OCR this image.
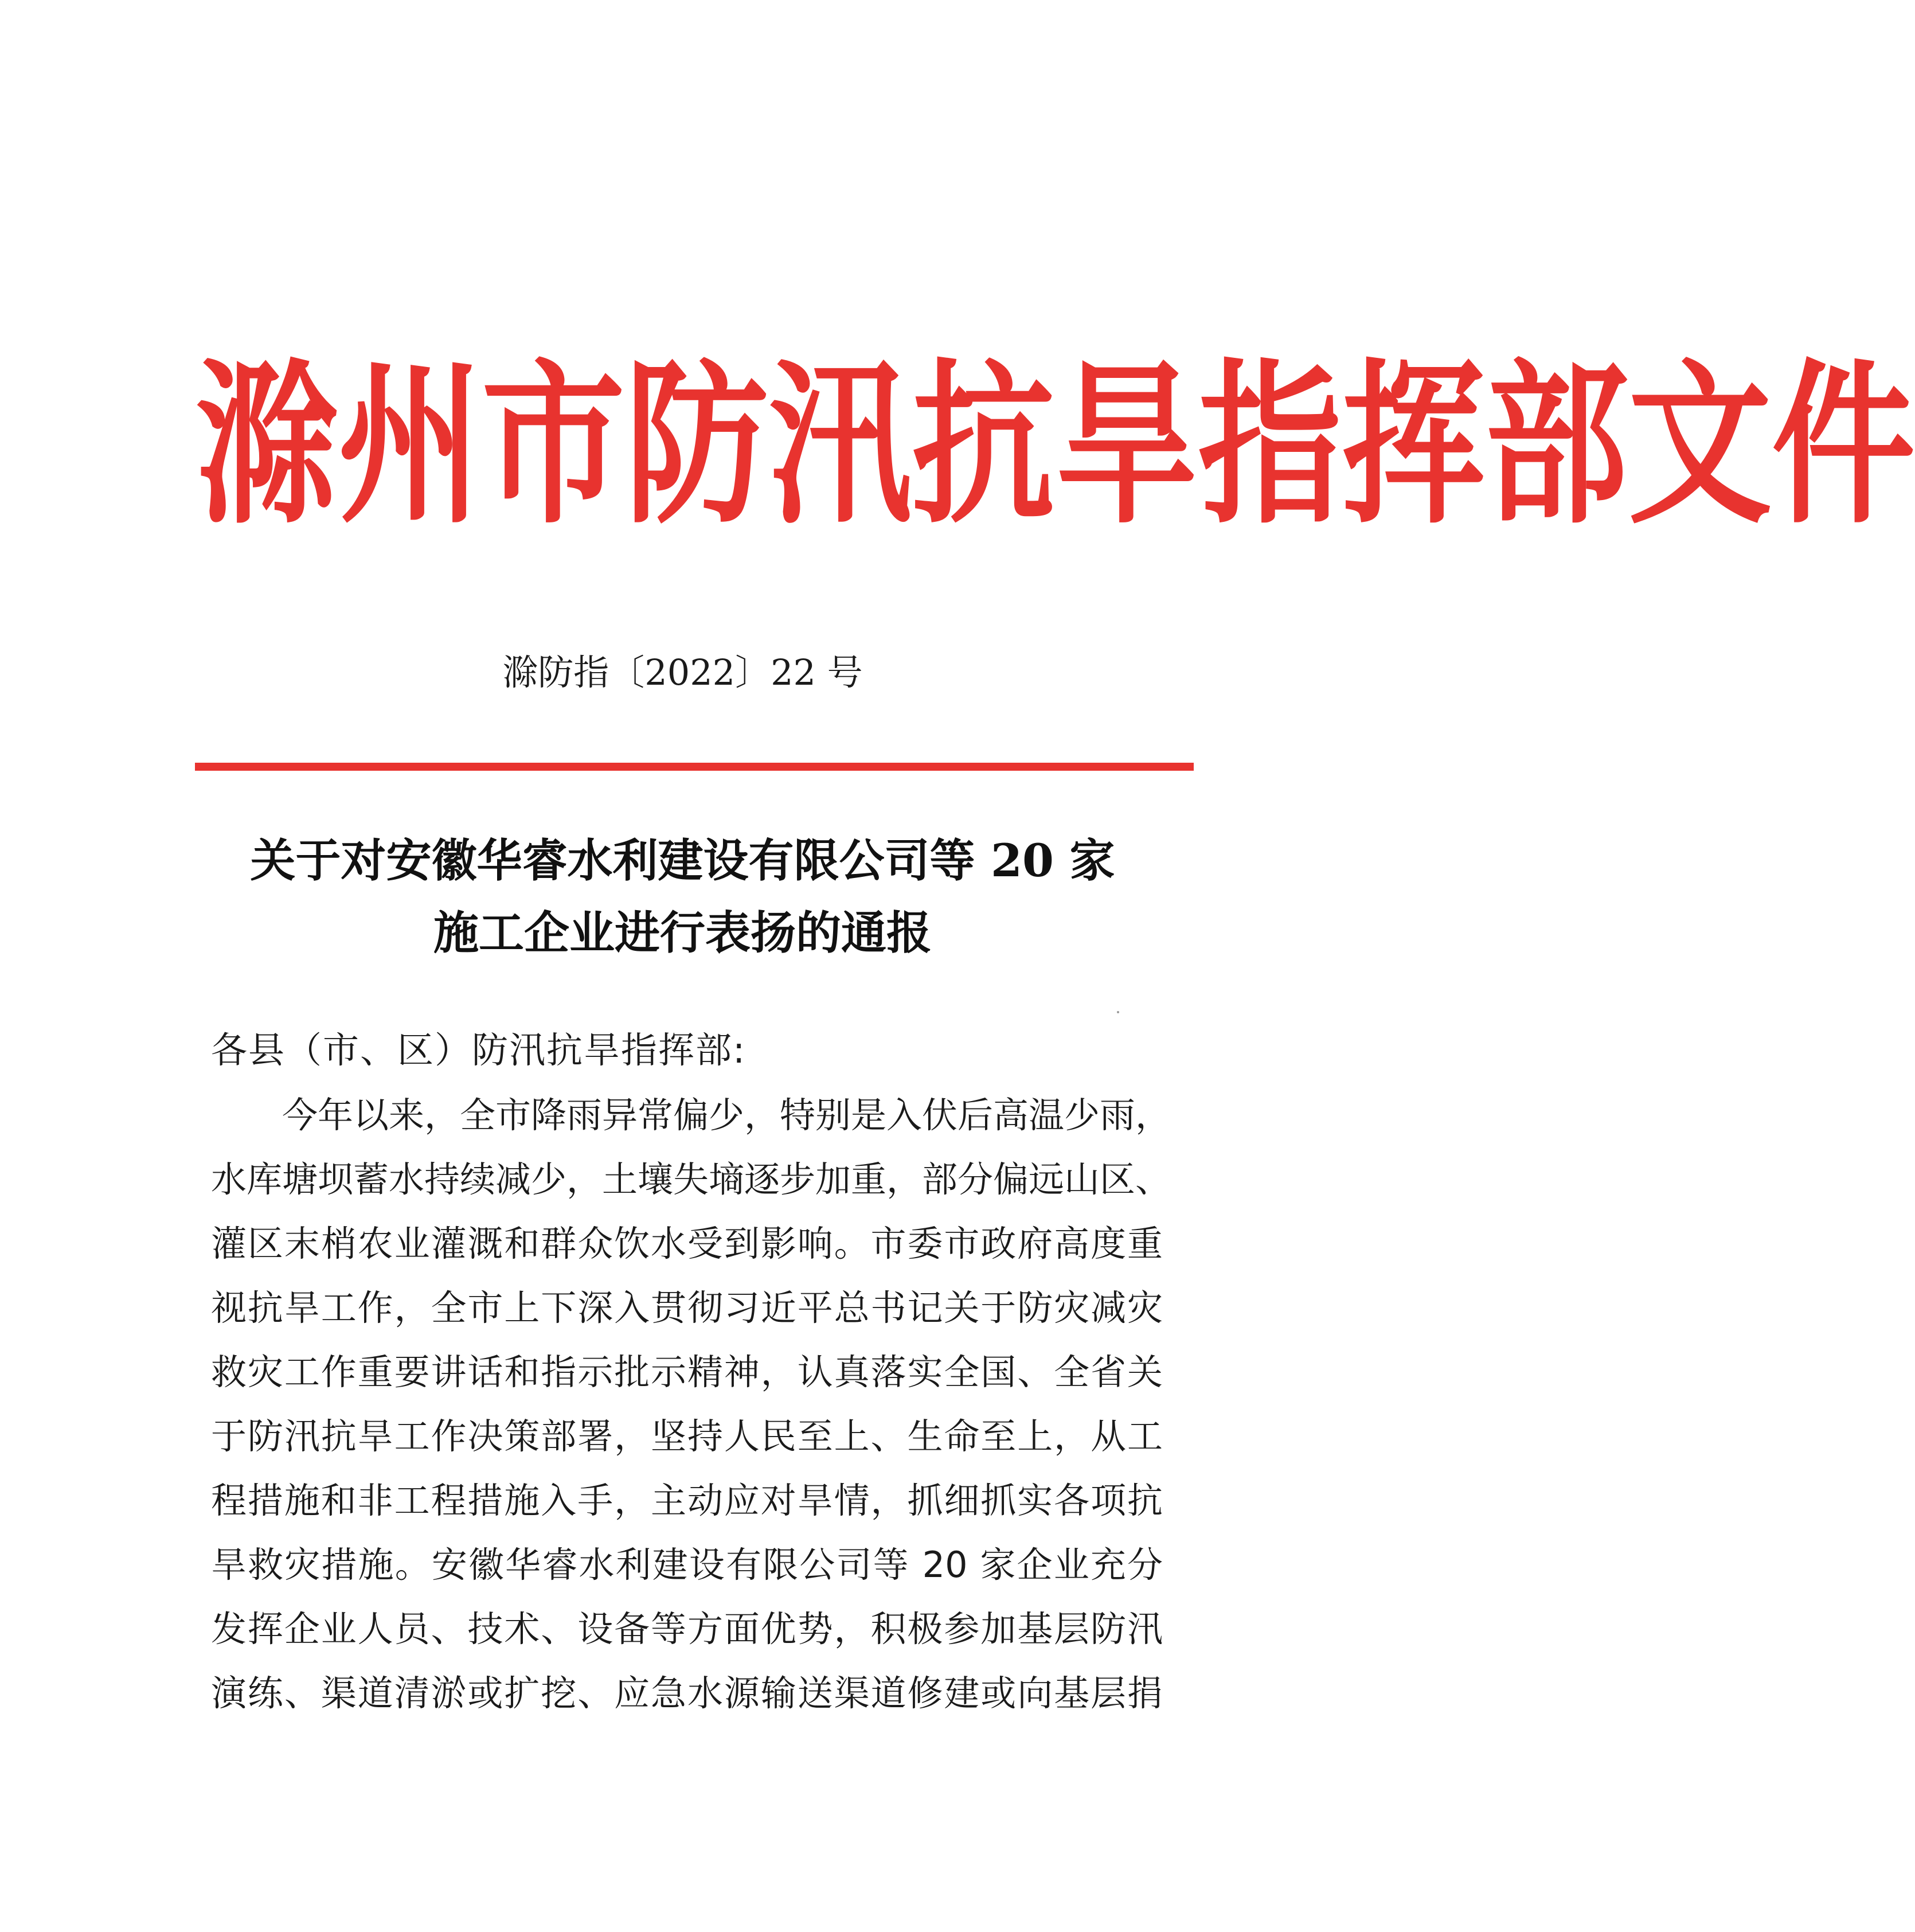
滁 州 市 防 汛 抗 旱 指 挥 部 文 件
滁防指〔2022〕22 号
关于对安徽华睿水利建设有限公司等 20 家
施工企业进行表扬的通报
各县（市、区）防汛抗旱指挥部:
今年以来，全市降雨异常偏少，特别是入伏后高温少雨，
水库塘坝蓄水持续减少，土壤失墒逐步加重，部分偏远山区、
灌区末梢农业灌溉和群众饮水受到影响。市委市政府高度重
视抗旱工作，全市上下深入贯彻习近平总书记关于防灾减灾
救灾工作重要讲话和指示批示精神，认真落实全国、全省关
于防汛抗旱工作决策部署，坚持人民至上、生命至上，从工
程措施和非工程措施入手，主动应对旱情，抓细抓实各项抗
旱救灾措施。安徽华睿水利建设有限公司等 20 家企业充分
发挥企业人员、技术、设备等方面优势，积极参加基层防汛
演练、渠道清淤或扩挖、应急水源输送渠道修建或向基层捐
